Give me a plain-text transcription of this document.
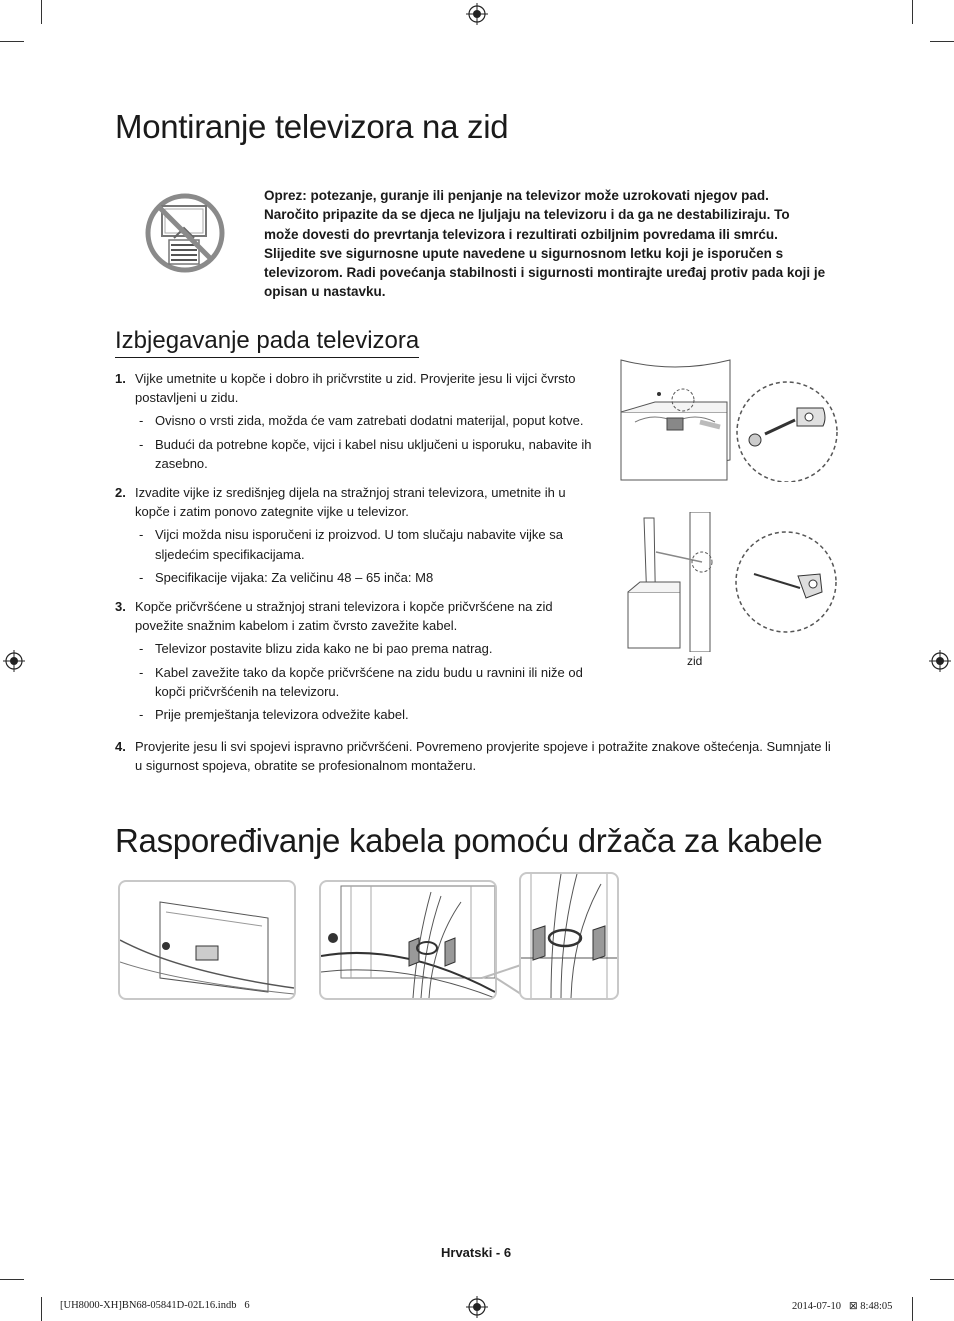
Montiranje televizora na zid
Oprez: potezanje, guranje ili penjanje na televizor može uzrokovati njegov pad. Naročito pripazite da se djeca ne ljuljaju na televizoru i da ga ne destabiliziraju. To može dovesti do prevrtanja televizora i rezultirati ozbiljnim povredama ili smrću. Slijedite sve sigurnosne upute navedene u sigurnosnom letku koji je isporučen s televizorom. Radi povećanja stabilnosti i sigurnosti montirajte uređaj protiv pada koji je opisan u nastavku.
Izbjegavanje pada televizora
1. Vijke umetnite u kopče i dobro ih pričvrstite u zid. Provjerite jesu li vijci čvrsto postavljeni u zidu.
- Ovisno o vrsti zida, možda će vam zatrebati dodatni materijal, poput kotve.
- Budući da potrebne kopče, vijci i kabel nisu uključeni u isporuku, nabavite ih zasebno.
2. Izvadite vijke iz središnjeg dijela na stražnjoj strani televizora, umetnite ih u kopče i zatim ponovo zategnite vijke u televizor.
- Vijci možda nisu isporučeni iz proizvod. U tom slučaju nabavite vijke sa sljedećim specifikacijama.
- Specifikacije vijaka: Za veličinu 48 – 65 inča: M8
3. Kopče pričvršćene u stražnjoj strani televizora i kopče pričvršćene na zid povežite snažnim kabelom i zatim čvrsto zavežite kabel.
- Televizor postavite blizu zida kako ne bi pao prema natrag.
- Kabel zavežite tako da kopče pričvršćene na zidu budu u ravnini ili niže od kopči pričvršćenih na televizoru.
- Prije premještanja televizora odvežite kabel.
4. Provjerite jesu li svi spojevi ispravno pričvršćeni. Povremeno provjerite spojeve i potražite znakove oštećenja. Sumnjate li u sigurnost spojeva, obratite se profesionalnom montažeru.
zid
Raspoređivanje kabela pomoću držača za kabele
Hrvatski - 6
[UH8000-XH]BN68-05841D-02L16.indb   6	2014-07-10   ⊠ 8:48:05
